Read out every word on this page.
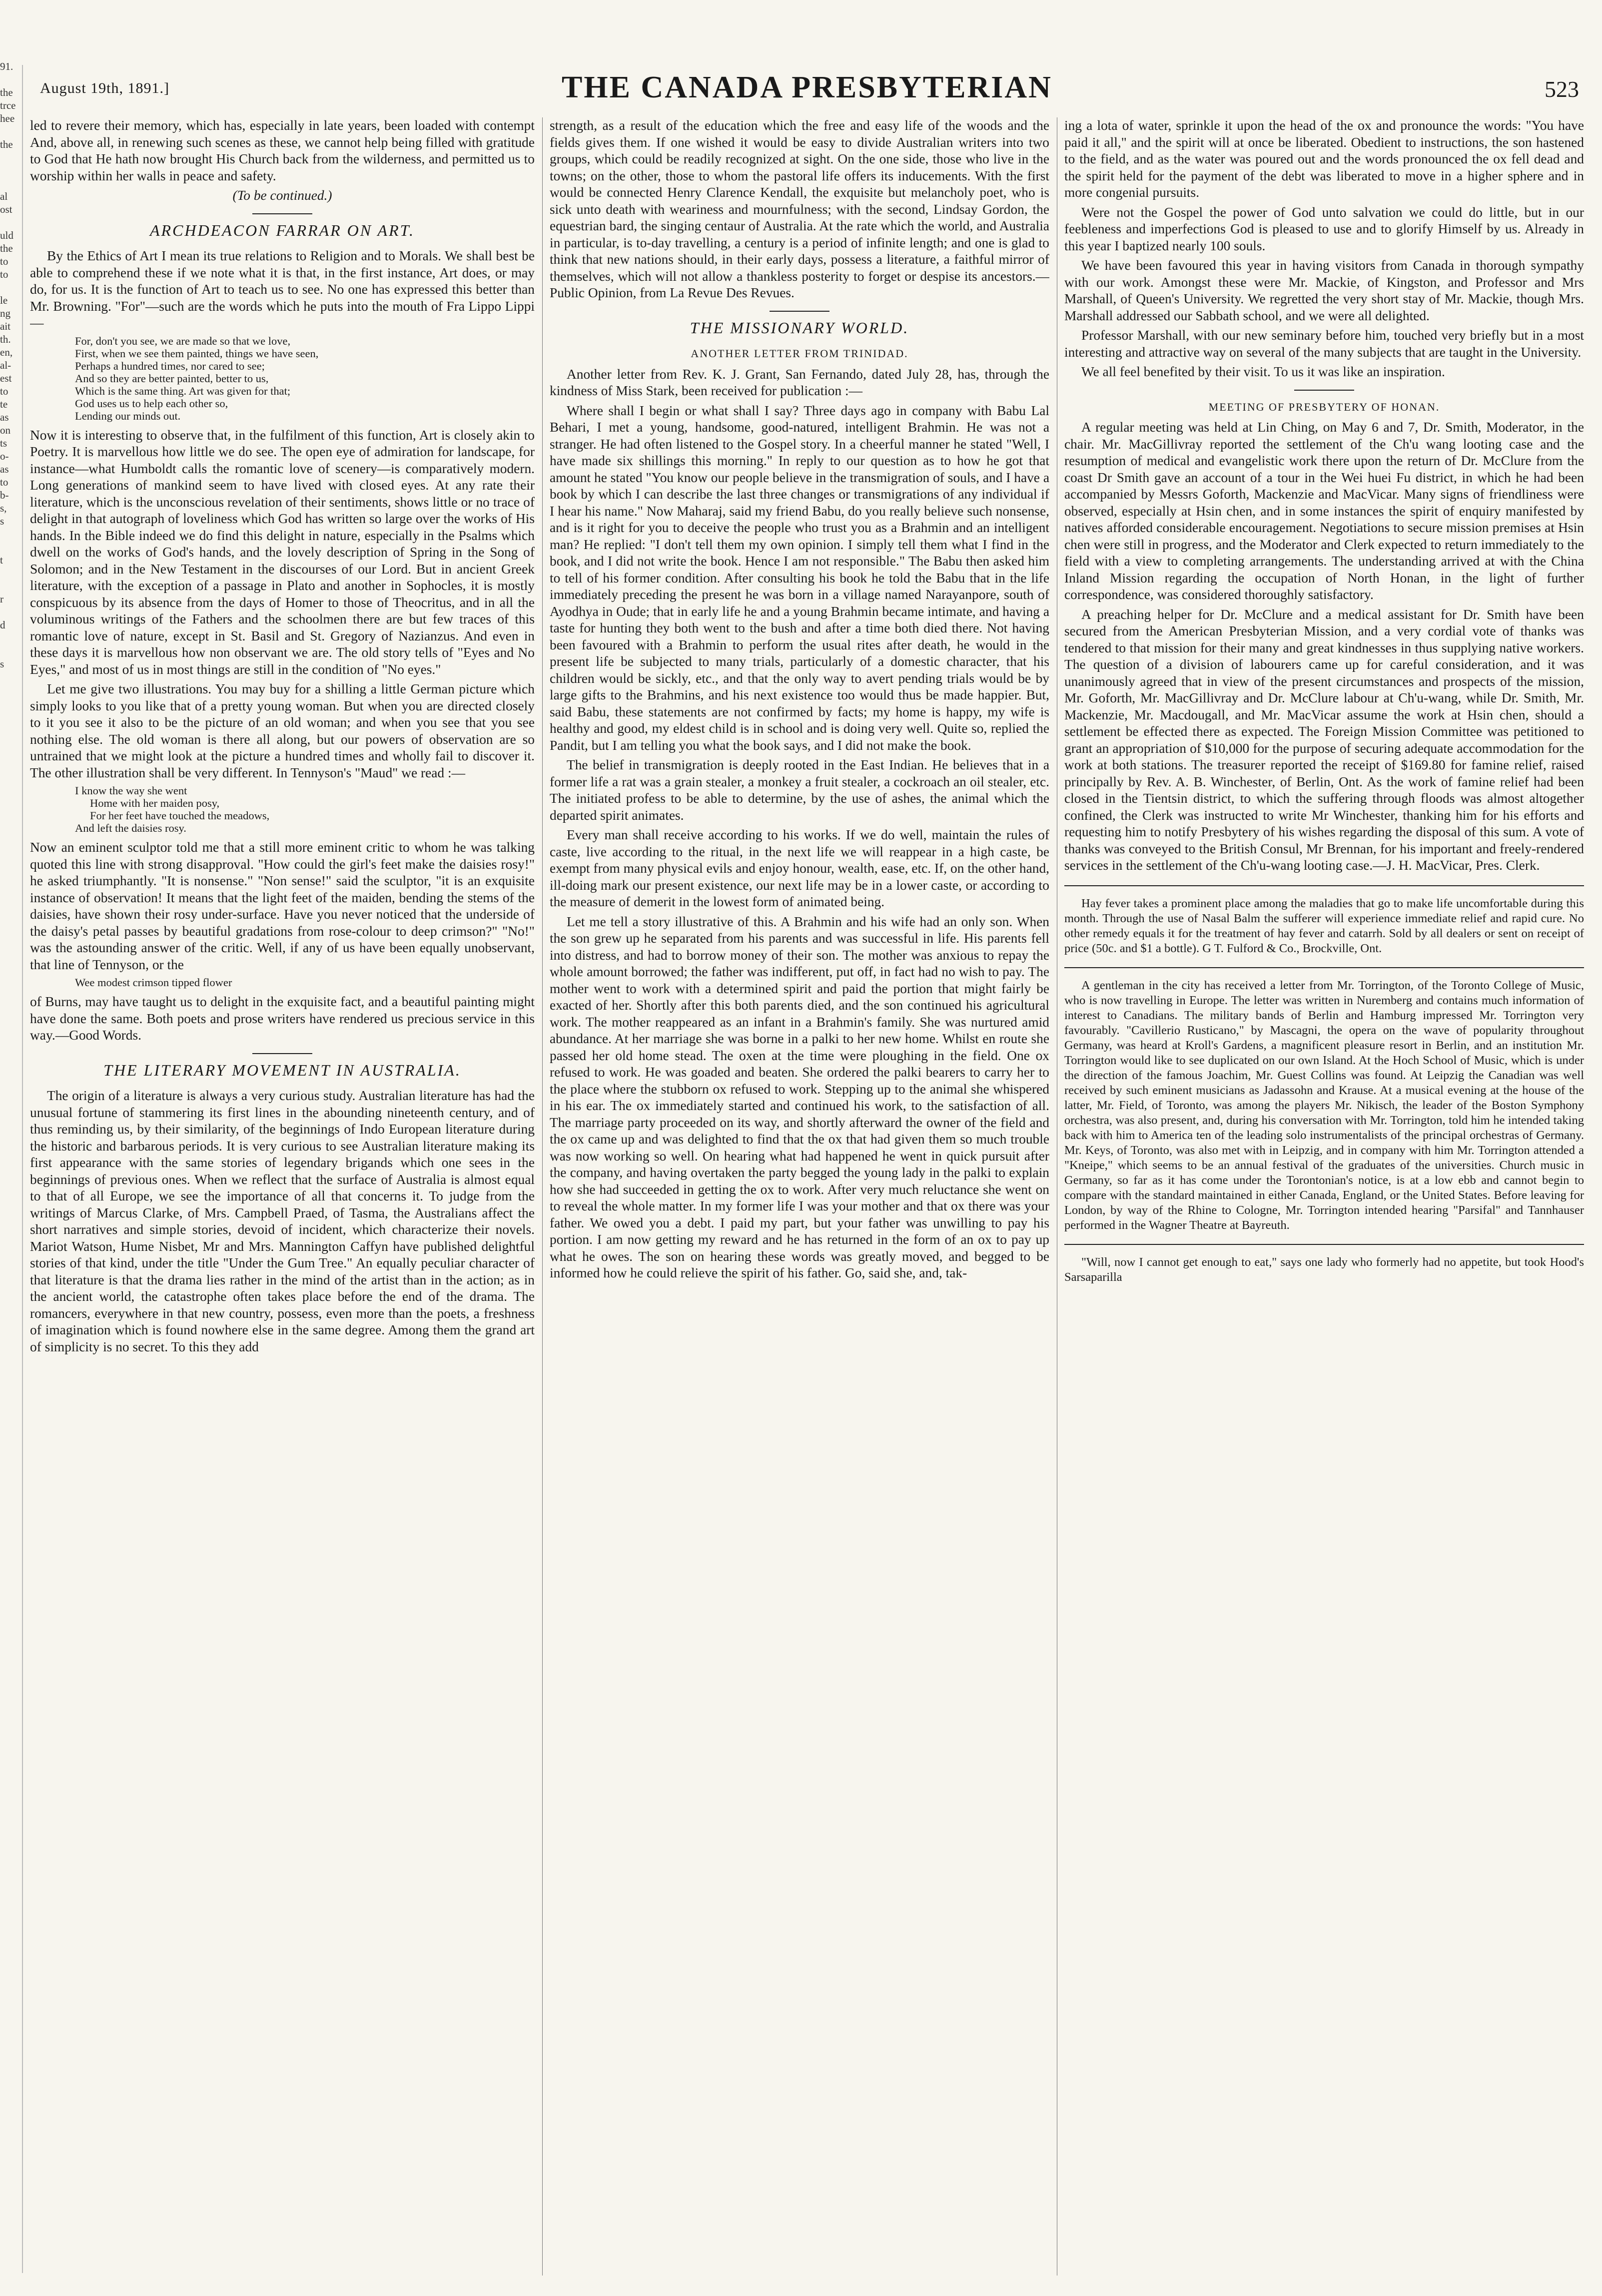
91.

the
trce
hee

the

al
ost

uld
the
to
to

le
ng
ait
th.
en,
al-
est
to
te
as
on
ts
o-
as
to
b-
s,
s

t

r

d

s

August 19th, 1891.]	THE CANADA PRESBYTERIAN	523

led to revere their memory, which has, especially in late years, been loaded with contempt And, above all, in renewing such scenes as these, we cannot help being filled with gratitude to God that He hath now brought His Church back from the wilderness, and permitted us to worship within her walls in peace and safety.

(To be continued.)
ARCHDEACON FARRAR ON ART.

By the Ethics of Art I mean its true relations to Religion and to Morals. We shall best be able to comprehend these if we note what it is that, in the first instance, Art does, or may do, for us. It is the function of Art to teach us to see. No one has expressed this better than Mr. Browning. "For"—such are the words which he puts into the mouth of Fra Lippo Lippi—

For, don't you see, we are made so that we love,
First, when we see them painted, things we have seen,
Perhaps a hundred times, nor cared to see;
And so they are better painted, better to us,
Which is the same thing. Art was given for that;
God uses us to help each other so,
Lending our minds out.

Now it is interesting to observe that, in the fulfilment of this function, Art is closely akin to Poetry. It is marvellous how little we do see. The open eye of admiration for landscape, for instance—what Humboldt calls the romantic love of scenery—is comparatively modern. Long generations of mankind seem to have lived with closed eyes. At any rate their literature, which is the unconscious revelation of their sentiments, shows little or no trace of delight in that autograph of loveliness which God has written so large over the works of His hands. In the Bible indeed we do find this delight in nature, especially in the Psalms which dwell on the works of God's hands, and the lovely description of Spring in the Song of Solomon; and in the New Testament in the discourses of our Lord. But in ancient Greek literature, with the exception of a passage in Plato and another in Sophocles, it is mostly conspicuous by its absence from the days of Homer to those of Theocritus, and in all the voluminous writings of the Fathers and the schoolmen there are but few traces of this romantic love of nature, except in St. Basil and St. Gregory of Nazianzus. And even in these days it is marvellous how non observant we are. The old story tells of "Eyes and No Eyes," and most of us in most things are still in the condition of "No eyes."

Let me give two illustrations. You may buy for a shilling a little German picture which simply looks to you like that of a pretty young woman. But when you are directed closely to it you see it also to be the picture of an old woman; and when you see that you see nothing else. The old woman is there all along, but our powers of observation are so untrained that we might look at the picture a hundred times and wholly fail to discover it. The other illustration shall be very different. In Tennyson's "Maud" we read :—

I know the way she went
Home with her maiden posy,
For her feet have touched the meadows,
And left the daisies rosy.

Now an eminent sculptor told me that a still more eminent critic to whom he was talking quoted this line with strong disapproval. "How could the girl's feet make the daisies rosy!" he asked triumphantly. "It is nonsense." "Non sense!" said the sculptor, "it is an exquisite instance of observation! It means that the light feet of the maiden, bending the stems of the daisies, have shown their rosy under-surface. Have you never noticed that the underside of the daisy's petal passes by beautiful gradations from rose-colour to deep crimson?" "No!" was the astounding answer of the critic. Well, if any of us have been equally unobservant, that line of Tennyson, or the

Wee modest crimson tipped flower

of Burns, may have taught us to delight in the exquisite fact, and a beautiful painting might have done the same. Both poets and prose writers have rendered us precious service in this way.—Good Words.

THE LITERARY MOVEMENT IN AUSTRALIA.

The origin of a literature is always a very curious study. Australian literature has had the unusual fortune of stammering its first lines in the abounding nineteenth century, and of thus reminding us, by their similarity, of the beginnings of Indo European literature during the historic and barbarous periods. It is very curious to see Australian literature making its first appearance with the same stories of legendary brigands which one sees in the beginnings of previous ones. When we reflect that the surface of Australia is almost equal to that of all Europe, we see the importance of all that concerns it. To judge from the writings of Marcus Clarke, of Mrs. Campbell Praed, of Tasma, the Australians affect the short narratives and simple stories, devoid of incident, which characterize their novels. Mariot Watson, Hume Nisbet, Mr and Mrs. Mannington Caffyn have published delightful stories of that kind, under the title "Under the Gum Tree." An equally peculiar character of that literature is that the drama lies rather in the mind of the artist than in the action; as in the ancient world, the catastrophe often takes place before the end of the drama. The romancers, everywhere in that new country, possess, even more than the poets, a freshness of imagination which is found nowhere else in the same degree. Among them the grand art of simplicity is no secret. To this they add

strength, as a result of the education which the free and easy life of the woods and the fields gives them. If one wished it would be easy to divide Australian writers into two groups, which could be readily recognized at sight. On the one side, those who live in the towns; on the other, those to whom the pastoral life offers its inducements. With the first would be connected Henry Clarence Kendall, the exquisite but melancholy poet, who is sick unto death with weariness and mournfulness; with the second, Lindsay Gordon, the equestrian bard, the singing centaur of Australia. At the rate which the world, and Australia in particular, is to-day travelling, a century is a period of infinite length; and one is glad to think that new nations should, in their early days, possess a literature, a faithful mirror of themselves, which will not allow a thankless posterity to forget or despise its ancestors.—Public Opinion, from La Revue Des Revues.

THE MISSIONARY WORLD.
ANOTHER LETTER FROM TRINIDAD.

Another letter from Rev. K. J. Grant, San Fernando, dated July 28, has, through the kindness of Miss Stark, been received for publication :—

Where shall I begin or what shall I say? Three days ago in company with Babu Lal Behari, I met a young, handsome, good-natured, intelligent Brahmin. He was not a stranger. He had often listened to the Gospel story. In a cheerful manner he stated "Well, I have made six shillings this morning." In reply to our question as to how he got that amount he stated "You know our people believe in the transmigration of souls, and I have a book by which I can describe the last three changes or transmigrations of any individual if I hear his name." Now Maharaj, said my friend Babu, do you really believe such nonsense, and is it right for you to deceive the people who trust you as a Brahmin and an intelligent man? He replied: "I don't tell them my own opinion. I simply tell them what I find in the book, and I did not write the book. Hence I am not responsible." The Babu then asked him to tell of his former condition. After consulting his book he told the Babu that in the life immediately preceding the present he was born in a village named Narayanpore, south of Ayodhya in Oude; that in early life he and a young Brahmin became intimate, and having a taste for hunting they both went to the bush and after a time both died there. Not having been favoured with a Brahmin to perform the usual rites after death, he would in the present life be subjected to many trials, particularly of a domestic character, that his children would be sickly, etc., and that the only way to avert pending trials would be by large gifts to the Brahmins, and his next existence too would thus be made happier. But, said Babu, these statements are not confirmed by facts; my home is happy, my wife is healthy and good, my eldest child is in school and is doing very well. Quite so, replied the Pandit, but I am telling you what the book says, and I did not make the book.

The belief in transmigration is deeply rooted in the East Indian. He believes that in a former life a rat was a grain stealer, a monkey a fruit stealer, a cockroach an oil stealer, etc. The initiated profess to be able to determine, by the use of ashes, the animal which the departed spirit animates.

Every man shall receive according to his works. If we do well, maintain the rules of caste, live according to the ritual, in the next life we will reappear in a high caste, be exempt from many physical evils and enjoy honour, wealth, ease, etc. If, on the other hand, ill-doing mark our present existence, our next life may be in a lower caste, or according to the measure of demerit in the lowest form of animated being.

Let me tell a story illustrative of this. A Brahmin and his wife had an only son. When the son grew up he separated from his parents and was successful in life. His parents fell into distress, and had to borrow money of their son. The mother was anxious to repay the whole amount borrowed; the father was indifferent, put off, in fact had no wish to pay. The mother went to work with a determined spirit and paid the portion that might fairly be exacted of her. Shortly after this both parents died, and the son continued his agricultural work. The mother reappeared as an infant in a Brahmin's family. She was nurtured amid abundance. At her marriage she was borne in a palki to her new home. Whilst en route she passed her old home stead. The oxen at the time were ploughing in the field. One ox refused to work. He was goaded and beaten. She ordered the palki bearers to carry her to the place where the stubborn ox refused to work. Stepping up to the animal she whispered in his ear. The ox immediately started and continued his work, to the satisfaction of all. The marriage party proceeded on its way, and shortly afterward the owner of the field and the ox came up and was delighted to find that the ox that had given them so much trouble was now working so well. On hearing what had happened he went in quick pursuit after the company, and having overtaken the party begged the young lady in the palki to explain how she had succeeded in getting the ox to work. After very much reluctance she went on to reveal the whole matter. In my former life I was your mother and that ox there was your father. We owed you a debt. I paid my part, but your father was unwilling to pay his portion. I am now getting my reward and he has returned in the form of an ox to pay up what he owes. The son on hearing these words was greatly moved, and begged to be informed how he could relieve the spirit of his father. Go, said she, and, tak-

ing a lota of water, sprinkle it upon the head of the ox and pronounce the words: "You have paid it all," and the spirit will at once be liberated. Obedient to instructions, the son hastened to the field, and as the water was poured out and the words pronounced the ox fell dead and the spirit held for the payment of the debt was liberated to move in a higher sphere and in more congenial pursuits.

Were not the Gospel the power of God unto salvation we could do little, but in our feebleness and imperfections God is pleased to use and to glorify Himself by us. Already in this year I baptized nearly 100 souls.

We have been favoured this year in having visitors from Canada in thorough sympathy with our work. Amongst these were Mr. Mackie, of Kingston, and Professor and Mrs Marshall, of Queen's University. We regretted the very short stay of Mr. Mackie, though Mrs. Marshall addressed our Sabbath school, and we were all delighted.

Professor Marshall, with our new seminary before him, touched very briefly but in a most interesting and attractive way on several of the many subjects that are taught in the University.

We all feel benefited by their visit. To us it was like an inspiration.

MEETING OF PRESBYTERY OF HONAN.

A regular meeting was held at Lin Ching, on May 6 and 7, Dr. Smith, Moderator, in the chair. Mr. MacGillivray reported the settlement of the Ch'u wang looting case and the resumption of medical and evangelistic work there upon the return of Dr. McClure from the coast Dr Smith gave an account of a tour in the Wei huei Fu district, in which he had been accompanied by Messrs Goforth, Mackenzie and MacVicar. Many signs of friendliness were observed, especially at Hsin chen, and in some instances the spirit of enquiry manifested by natives afforded considerable encouragement. Negotiations to secure mission premises at Hsin chen were still in progress, and the Moderator and Clerk expected to return immediately to the field with a view to completing arrangements. The understanding arrived at with the China Inland Mission regarding the occupation of North Honan, in the light of further correspondence, was considered thoroughly satisfactory.

A preaching helper for Dr. McClure and a medical assistant for Dr. Smith have been secured from the American Presbyterian Mission, and a very cordial vote of thanks was tendered to that mission for their many and great kindnesses in thus supplying native workers. The question of a division of labourers came up for careful consideration, and it was unanimously agreed that in view of the present circumstances and prospects of the mission, Mr. Goforth, Mr. MacGillivray and Dr. McClure labour at Ch'u-wang, while Dr. Smith, Mr. Mackenzie, Mr. Macdougall, and Mr. MacVicar assume the work at Hsin chen, should a settlement be effected there as expected. The Foreign Mission Committee was petitioned to grant an appropriation of $10,000 for the purpose of securing adequate accommodation for the work at both stations. The treasurer reported the receipt of $169.80 for famine relief, raised principally by Rev. A. B. Winchester, of Berlin, Ont. As the work of famine relief had been closed in the Tientsin district, to which the suffering through floods was almost altogether confined, the Clerk was instructed to write Mr Winchester, thanking him for his efforts and requesting him to notify Presbytery of his wishes regarding the disposal of this sum. A vote of thanks was conveyed to the British Consul, Mr Brennan, for his important and freely-rendered services in the settlement of the Ch'u-wang looting case.—J. H. MacVicar, Pres. Clerk.

Hay fever takes a prominent place among the maladies that go to make life uncomfortable during this month. Through the use of Nasal Balm the sufferer will experience immediate relief and rapid cure. No other remedy equals it for the treatment of hay fever and catarrh. Sold by all dealers or sent on receipt of price (50c. and $1 a bottle). G T. Fulford & Co., Brockville, Ont.

A gentleman in the city has received a letter from Mr. Torrington, of the Toronto College of Music, who is now travelling in Europe. The letter was written in Nuremberg and contains much information of interest to Canadians. The military bands of Berlin and Hamburg impressed Mr. Torrington very favourably. "Cavillerio Rusticano," by Mascagni, the opera on the wave of popularity throughout Germany, was heard at Kroll's Gardens, a magnificent pleasure resort in Berlin, and an institution Mr. Torrington would like to see duplicated on our own Island. At the Hoch School of Music, which is under the direction of the famous Joachim, Mr. Guest Collins was found. At Leipzig the Canadian was well received by such eminent musicians as Jadassohn and Krause. At a musical evening at the house of the latter, Mr. Field, of Toronto, was among the players Mr. Nikisch, the leader of the Boston Symphony orchestra, was also present, and, during his conversation with Mr. Torrington, told him he intended taking back with him to America ten of the leading solo instrumentalists of the principal orchestras of Germany. Mr. Keys, of Toronto, was also met with in Leipzig, and in company with him Mr. Torrington attended a "Kneipe," which seems to be an annual festival of the graduates of the universities. Church music in Germany, so far as it has come under the Torontonian's notice, is at a low ebb and cannot begin to compare with the standard maintained in either Canada, England, or the United States. Before leaving for London, by way of the Rhine to Cologne, Mr. Torrington intended hearing "Parsifal" and Tannhauser performed in the Wagner Theatre at Bayreuth.

"Will, now I cannot get enough to eat," says one lady who formerly had no appetite, but took Hood's Sarsaparilla
